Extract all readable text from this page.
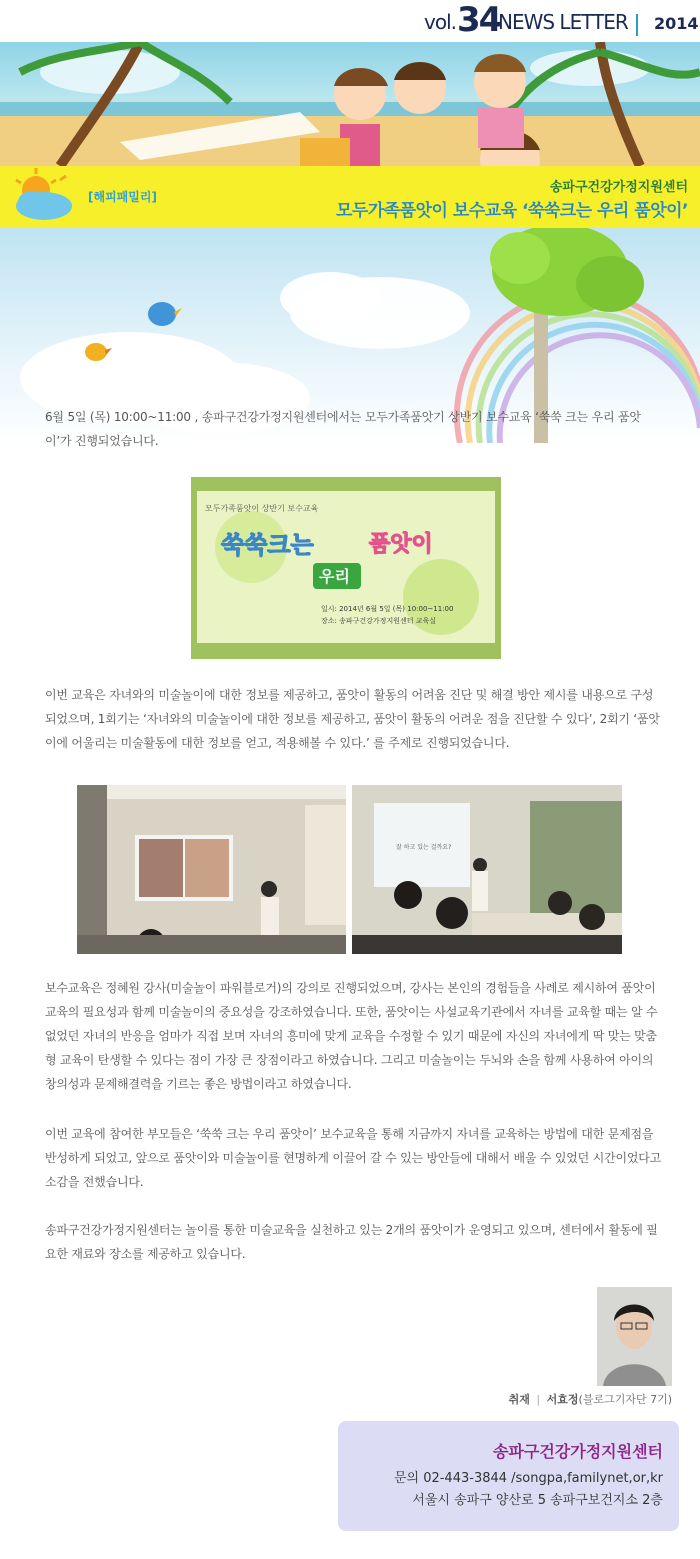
vol. 34
NEWS LETTER 2014
[해피패밀리]
송파구건강가정지원센터
모두가족품앗이 보수교육 ‘쑥쑥크는 우리 품앗이’

6월 5일 (목) 10:00~11:00 , 송파구건강가정지원센터에서는 모두가족품앗기 상반기 보수교육 ‘쑥쑥 크는 우리 품앗이’가 진행되었습니다.

모두가족품앗이 상반기 보수교육
쑥쑥크는
우리
품앗이
일시: 2014년 6월 5일 (목) 10:00~11:00
장소: 송파구건강가정지원센터 교육실

이번 교육은 자녀와의 미술놀이에 대한 정보를 제공하고, 품앗이 활동의 어려움 진단 및 해결 방안 제시를 내용으로 구성되었으며, 1회기는 ‘자녀와의 미술놀이에 대한 정보를 제공하고, 품앗이 활동의 어려운 점을 진단할 수 있다’, 2회기 ‘품앗이에 어울리는 미술활동에 대한 정보를 얻고, 적용해볼 수 있다.’ 를 주제로 진행되었습니다.

잘 하고 있는 걸까요?

보수교육은 정혜원 강사(미술놀이 파워블로거)의 강의로 진행되었으며, 강사는 본인의 경험들을 사례로 제시하여 품앗이 교육의 필요성과 함께 미술놀이의 중요성을 강조하였습니다. 또한, 품앗이는 사설교육기관에서 자녀를 교육할 때는 알 수 없었던 자녀의 반응을 엄마가 직접 보며 자녀의 흥미에 맞게 교육을 수정할 수 있기 때문에 자신의 자녀에게 딱 맞는 맞춤형 교육이 탄생할 수 있다는 점이 가장 큰 장점이라고 하였습니다. 그리고 미술놀이는 두뇌와 손을 함께 사용하여 아이의 창의성과 문제해결력을 기르는 좋은 방법이라고 하였습니다.

이번 교육에 참여한 부모들은 ‘쑥쑥 크는 우리 품앗이’ 보수교육을 통해 지금까지 자녀를 교육하는 방법에 대한 문제점을 반성하게 되었고, 앞으로 품앗이와 미술놀이를 현명하게 이끌어 갈 수 있는 방안들에 대해서 배울 수 있었던 시간이었다고 소감을 전했습니다.

송파구건강가정지원센터는 놀이를 통한 미술교육을 실천하고 있는 2개의 품앗이가 운영되고 있으며, 센터에서 활동에 필요한 재료와 장소를 제공하고 있습니다.

취재 | 서효정(블로그기자단 7기)
송파구건강가정지원센터
문의 02-443-3844 /songpa,familynet,or,kr
서울시 송파구 양산로 5 송파구보건지소 2층
